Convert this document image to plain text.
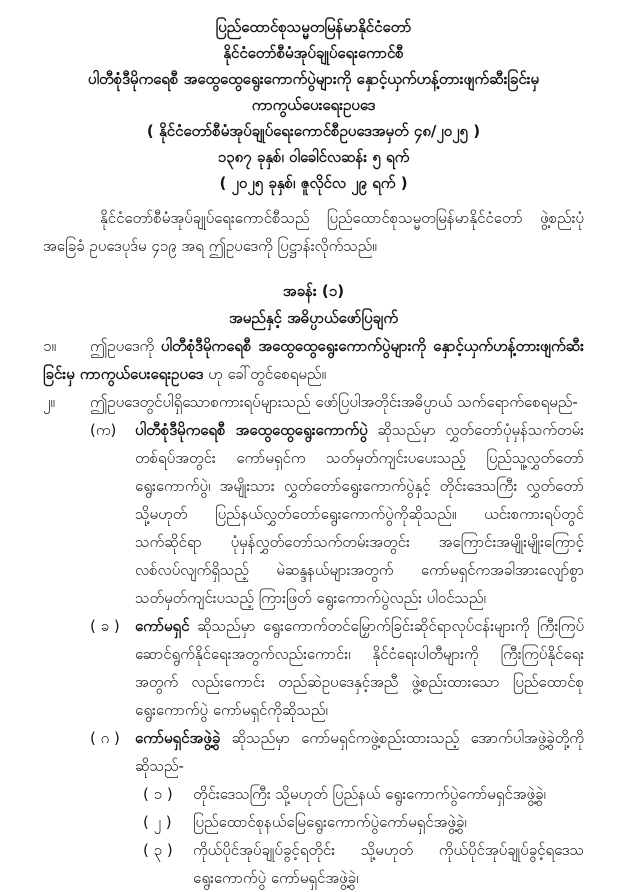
ပြည်ထောင်စုသမ္မတမြန်မာနိုင်ငံတော်
နိုင်ငံတော်စီမံအုပ်ချုပ်ရေးကောင်စီ
ပါတီစုံဒီမိုကရေစီ အထွေထွေရွေးကောက်ပွဲများကို နှောင့်ယှက်ဟန့်တားဖျက်ဆီးခြင်းမှ
ကာကွယ်ပေးရေးဥပဒေ
( နိုင်ငံတော်စီမံအုပ်ချုပ်ရေးကောင်စီဥပဒေအမှတ် ၄၈/၂၀၂၅ )
၁၃၈၇ ခုနှစ်၊ ဝါခေါင်လဆန်း ၅ ရက်
( ၂၀၂၅ ခုနှစ်၊ ဇူလိုင်လ ၂၉ ရက် )

နိုင်ငံတော်စီမံအုပ်ချုပ်ရေးကောင်စီသည် ပြည်ထောင်စုသမ္မတမြန်မာနိုင်ငံတော် ဖွဲ့စည်းပုံအခြေခံ ဥပဒေပုဒ်မ ၄၁၉ အရ ဤဥပဒေကို ပြဋ္ဌာန်းလိုက်သည်။

အခန်း (၁)
အမည်နှင့် အဓိပ္ပာယ်ဖော်ပြချက်

၁။ ဤဥပဒေကို ပါတီစုံဒီမိုကရေစီ အထွေထွေရွေးကောက်ပွဲများကို နှောင့်ယှက်ဟန့်တားဖျက်ဆီးခြင်းမှ ကာကွယ်ပေးရေးဥပဒေ ဟု ခေါ်တွင်စေရမည်။

၂။ ဤဥပဒေတွင်ပါရှိသောစကားရပ်များသည် ဖော်ပြပါအတိုင်းအဓိပ္ပာယ် သက်ရောက်စေရမည်-

(က)	ပါတီစုံဒီမိုကရေစီ အထွေထွေရွေးကောက်ပွဲ ဆိုသည်မှာ လွှတ်တော်ပုံမှန်သက်တမ်း တစ်ရပ်အတွင်း ကော်မရှင်က သတ်မှတ်ကျင်းပပေးသည့် ပြည်သူ့လွှတ်တော် ရွေးကောက်ပွဲ၊ အမျိုးသား လွှတ်တော်ရွေးကောက်ပွဲနှင့် တိုင်းဒေသကြီး လွှတ်တော် သို့မဟုတ် ပြည်နယ်လွှတ်တော်ရွေးကောက်ပွဲကိုဆိုသည်။ ယင်းစကားရပ်တွင် သက်ဆိုင်ရာ ပုံမှန်လွှတ်တော်သက်တမ်းအတွင်း အကြောင်းအမျိုးမျိုးကြောင့် လစ်လပ်လျက်ရှိသည့် မဲဆန္ဒနယ်များအတွက် ကော်မရှင်ကအခါအားလျော်စွာ သတ်မှတ်ကျင်းပသည့် ကြားဖြတ် ရွေးကောက်ပွဲလည်း ပါဝင်သည်၊
( ခ )	ကော်မရှင် ဆိုသည်မှာ ရွေးကောက်တင်မြှောက်ခြင်းဆိုင်ရာလုပ်ငန်းများကို ကြီးကြပ် ဆောင်ရွက်နိုင်ရေးအတွက်လည်းကောင်း၊ နိုင်ငံရေးပါတီများကို ကြီးကြပ်နိုင်ရေးအတွက် လည်းကောင်း တည်ဆဲဥပဒေနှင့်အညီ ဖွဲ့စည်းထားသော ပြည်ထောင်စုရွေးကောက်ပွဲ ကော်မရှင်ကိုဆိုသည်၊
( ဂ )	ကော်မရှင်အဖွဲ့ခွဲ ဆိုသည်မှာ ကော်မရှင်ကဖွဲ့စည်းထားသည့် အောက်ပါအဖွဲ့ခွဲတို့ကို ဆိုသည်-
( ၁ )	တိုင်းဒေသကြီး သို့မဟုတ် ပြည်နယ် ရွေးကောက်ပွဲကော်မရှင်အဖွဲ့ခွဲ၊
( ၂ )	ပြည်ထောင်စုနယ်မြေရွေးကောက်ပွဲကော်မရှင်အဖွဲ့ခွဲ၊
( ၃ )	ကိုယ်ပိုင်အုပ်ချုပ်ခွင့်ရတိုင်း သို့မဟုတ် ကိုယ်ပိုင်အုပ်ချုပ်ခွင့်ရဒေသ ရွေးကောက်ပွဲ ကော်မရှင်အဖွဲ့ခွဲ၊
